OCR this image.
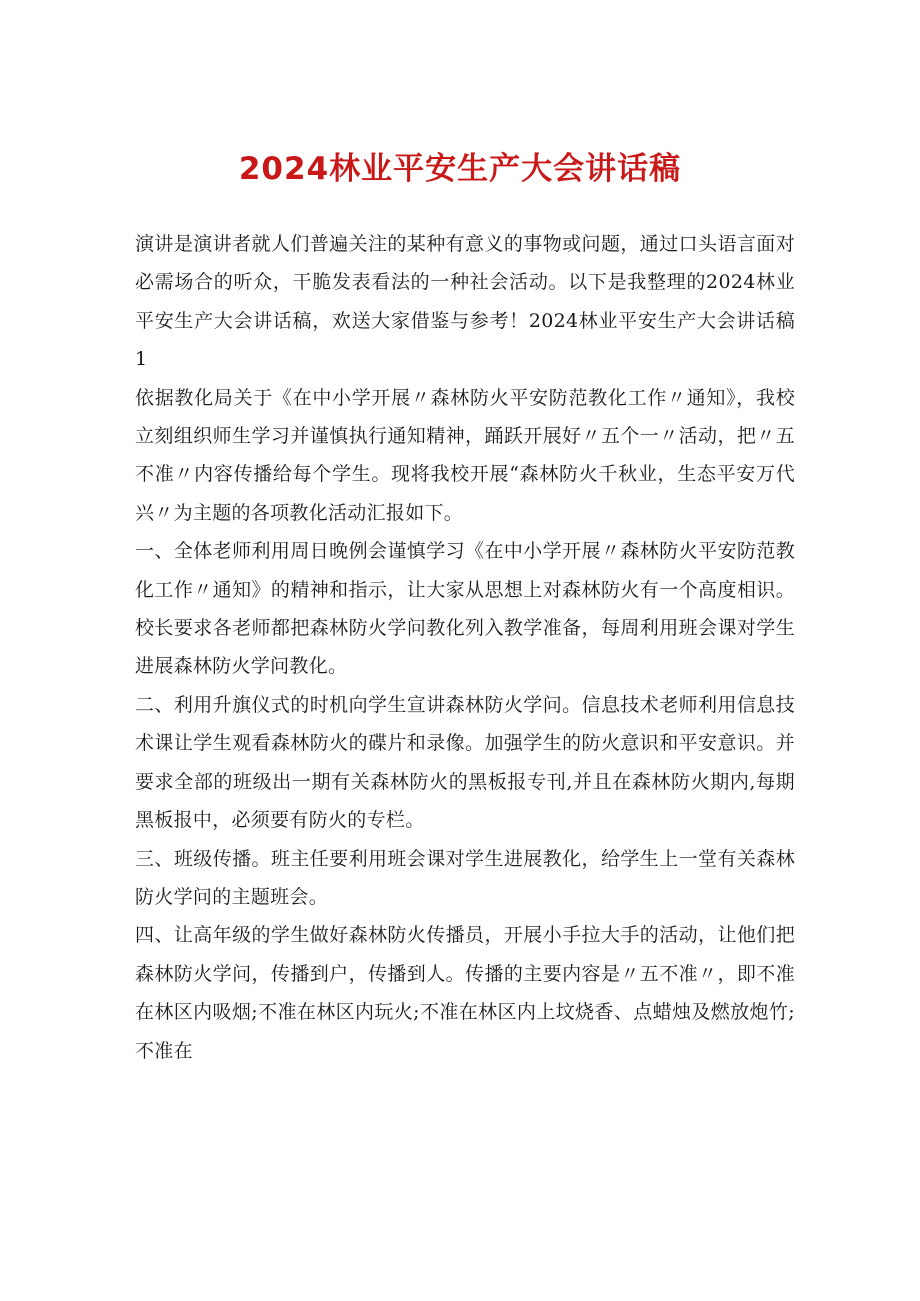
2024林业平安生产大会讲话稿

演讲是演讲者就人们普遍关注的某种有意义的事物或问题，通过口头语言面对必需场合的听众，干脆发表看法的一种社会活动。以下是我整理的2024林业平安生产大会讲话稿，欢送大家借鉴与参考！2024林业平安生产大会讲话稿1

依据教化局关于《在中小学开展〃森林防火平安防范教化工作〃通知》，我校立刻组织师生学习并谨慎执行通知精神，踊跃开展好〃五个一〃活动，把〃五不准〃内容传播给每个学生。现将我校开展“森林防火千秋业，生态平安万代兴〃为主题的各项教化活动汇报如下。

一、全体老师利用周日晚例会谨慎学习《在中小学开展〃森林防火平安防范教化工作〃通知》的精神和指示，让大家从思想上对森林防火有一个高度相识。校长要求各老师都把森林防火学问教化列入教学准备，每周利用班会课对学生进展森林防火学问教化。

二、利用升旗仪式的时机向学生宣讲森林防火学问。信息技术老师利用信息技术课让学生观看森林防火的碟片和录像。加强学生的防火意识和平安意识。并要求全部的班级出一期有关森林防火的黑板报专刊,并且在森林防火期内,每期黑板报中，必须要有防火的专栏。

三、班级传播。班主任要利用班会课对学生进展教化，给学生上一堂有关森林防火学问的主题班会。

四、让高年级的学生做好森林防火传播员，开展小手拉大手的活动，让他们把森林防火学问，传播到户，传播到人。传播的主要内容是〃五不准〃，即不准在林区内吸烟;不准在林区内玩火;不准在林区内上坟烧香、点蜡烛及燃放炮竹;不准在
